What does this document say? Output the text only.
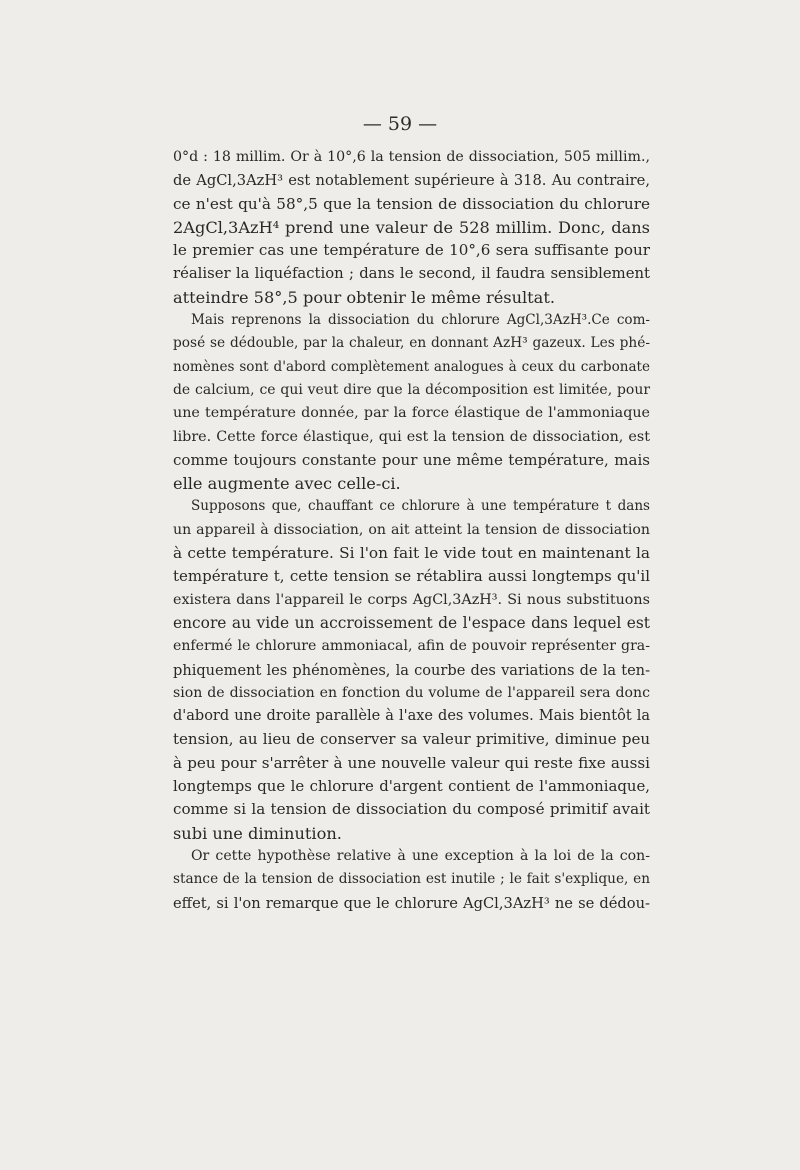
— 59 —
0°d : 18 millim. Or à 10°,6 la tension de dissociation, 505 millim.,
de AgCl,3AzH³ est notablement supérieure à 318. Au contraire,
ce n'est qu'à 58°,5 que la tension de dissociation du chlorure
2AgCl,3AzH⁴ prend une valeur de 528 millim. Donc, dans
le premier cas une température de 10°,6 sera suffisante pour
réaliser la liquéfaction ; dans le second, il faudra sensiblement
atteindre 58°,5 pour obtenir le même résultat.
Mais reprenons la dissociation du chlorure AgCl,3AzH³.Ce com-
posé se dédouble, par la chaleur, en donnant AzH³ gazeux. Les phé-
nomènes sont d'abord complètement analogues à ceux du carbonate
de calcium, ce qui veut dire que la décomposition est limitée, pour
une température donnée, par la force élastique de l'ammoniaque
libre. Cette force élastique, qui est la tension de dissociation, est
comme toujours constante pour une même température, mais
elle augmente avec celle-ci.
Supposons que, chauffant ce chlorure à une température t dans
un appareil à dissociation, on ait atteint la tension de dissociation
à cette température. Si l'on fait le vide tout en maintenant la
température t, cette tension se rétablira aussi longtemps qu'il
existera dans l'appareil le corps AgCl,3AzH³. Si nous substituons
encore au vide un accroissement de l'espace dans lequel est
enfermé le chlorure ammoniacal, afin de pouvoir représenter gra-
phiquement les phénomènes, la courbe des variations de la ten-
sion de dissociation en fonction du volume de l'appareil sera donc
d'abord une droite parallèle à l'axe des volumes. Mais bientôt la
tension, au lieu de conserver sa valeur primitive, diminue peu
à peu pour s'arrêter à une nouvelle valeur qui reste fixe aussi
longtemps que le chlorure d'argent contient de l'ammoniaque,
comme si la tension de dissociation du composé primitif avait
subi une diminution.
Or cette hypothèse relative à une exception à la loi de la con-
stance de la tension de dissociation est inutile ; le fait s'explique, en
effet, si l'on remarque que le chlorure AgCl,3AzH³ ne se dédou-
